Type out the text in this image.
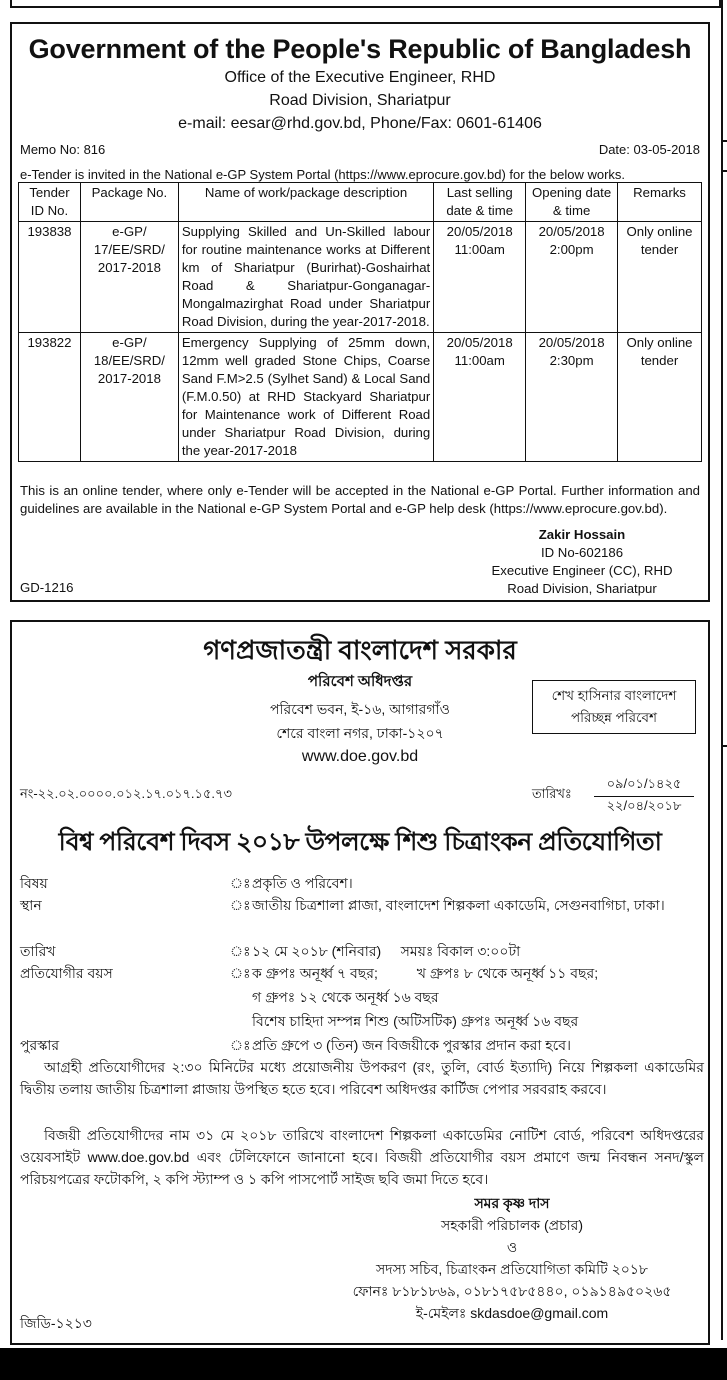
Government of the People's Republic of Bangladesh
Office of the Executive Engineer, RHD
Road Division, Shariatpur
e-mail: eesar@rhd.gov.bd, Phone/Fax: 0601-61406
Memo No: 816	Date: 03-05-2018
e-Tender is invited in the National e-GP System Portal (https://www.eprocure.gov.bd) for the below works.
Tender ID No.	Package No.	Name of work/package description	Last selling date & time	Opening date & time	Remarks
193838	e-GP/ 17/EE/SRD/ 2017-2018	Supplying Skilled and Un-Skilled labour for routine maintenance works at Different km of Shariatpur (Burirhat)-Goshairhat Road & Shariatpur-Gonganagar-Mongalmazirghat Road under Shariatpur Road Division, during the year-2017-2018.	20/05/2018 11:00am	20/05/2018 2:00pm	Only online tender
193822	e-GP/ 18/EE/SRD/ 2017-2018	Emergency Supplying of 25mm down, 12mm well graded Stone Chips, Coarse Sand F.M>2.5 (Sylhet Sand) & Local Sand (F.M.0.50) at RHD Stackyard Shariatpur for Maintenance work of Different Road under Shariatpur Road Division, during the year-2017-2018	20/05/2018 11:00am	20/05/2018 2:30pm	Only online tender
This is an online tender, where only e-Tender will be accepted in the National e-GP Portal. Further information and guidelines are available in the National e-GP System Portal and e-GP help desk (https://www.eprocure.gov.bd).
Zakir Hossain
ID No-602186
Executive Engineer (CC), RHD
Road Division, Shariatpur
GD-1216
গণপ্রজাতন্ত্রী বাংলাদেশ সরকার
পরিবেশ অধিদপ্তর
পরিবেশ ভবন, ই-১৬, আগারগাঁও
শেরে বাংলা নগর, ঢাকা-১২০৭
www.doe.gov.bd
শেখ হাসিনার বাংলাদেশ
পরিচ্ছন্ন পরিবেশ
নং-২২.০২.০০০০.০১২.১৭.০১৭.১৫.৭৩	তারিখঃ
০৯/০১/১৪২৫
২২/০৪/২০১৮
বিশ্ব পরিবেশ দিবস ২০১৮ উপলক্ষে শিশু চিত্রাংকন প্রতিযোগিতা
বিষয়	ঃ প্রকৃতি ও পরিবেশ।
স্থান	ঃ জাতীয় চিত্রশালা প্লাজা, বাংলাদেশ শিল্পকলা একাডেমি, সেগুনবাগিচা, ঢাকা।
তারিখ	ঃ ১২ মে ২০১৮ (শনিবার)     সময়ঃ বিকাল ৩:০০টা
প্রতিযোগীর বয়স	ঃ ক গ্রুপঃ অনূর্ধ্ব ৭ বছর;          খ গ্রুপঃ ৮ থেকে অনূর্ধ্ব ১১ বছর;
গ গ্রুপঃ ১২ থেকে অনূর্ধ্ব ১৬ বছর
বিশেষ চাহিদা সম্পন্ন শিশু (অটিসটিক) গ্রুপঃ অনূর্ধ্ব ১৬ বছর
পুরস্কার	ঃ প্রতি গ্রুপে ৩ (তিন) জন বিজয়ীকে পুরস্কার প্রদান করা হবে।
আগ্রহী প্রতিযোগীদের ২:৩০ মিনিটের মধ্যে প্রয়োজনীয় উপকরণ (রং, তুলি, বোর্ড ইত্যাদি) নিয়ে শিল্পকলা একাডেমির দ্বিতীয় তলায় জাতীয় চিত্রশালা প্লাজায় উপস্থিত হতে হবে। পরিবেশ অধিদপ্তর কার্টিজ পেপার সরবরাহ করবে।
বিজয়ী প্রতিযোগীদের নাম ৩১ মে ২০১৮ তারিখে বাংলাদেশ শিল্পকলা একাডেমির নোটিশ বোর্ড, পরিবেশ অধিদপ্তরের ওয়েবসাইট www.doe.gov.bd এবং টেলিফোনে জানানো হবে। বিজয়ী প্রতিযোগীর বয়স প্রমাণে জন্ম নিবন্ধন সনদ/স্কুল পরিচয়পত্রের ফটোকপি, ২ কপি স্ট্যাম্প ও ১ কপি পাসপোর্ট সাইজ ছবি জমা দিতে হবে।
সমর কৃষ্ণ দাস
সহকারী পরিচালক (প্রচার)
ও
সদস্য সচিব, চিত্রাংকন প্রতিযোগিতা কমিটি ২০১৮
ফোনঃ ৮১৮১৮৬৯, ০১৮১৭৫৮৫৪৪০, ০১৯১৪৯৫০২৬৫
ই-মেইলঃ skdasdoe@gmail.com
জিডি-১২১৩
